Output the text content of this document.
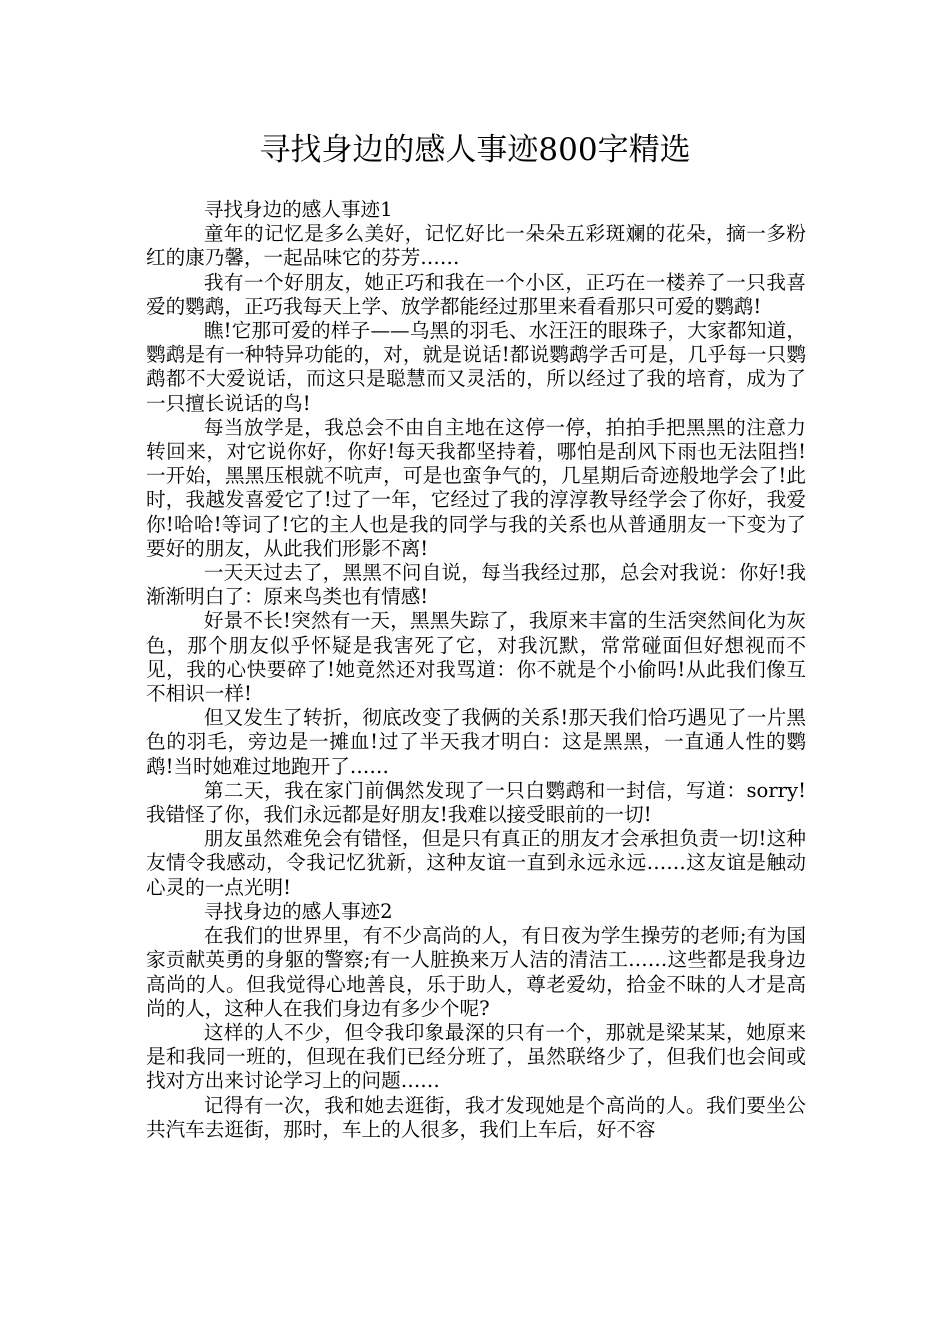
寻找身边的感人事迹800字精选

寻找身边的感人事迹1

童年的记忆是多么美好，记忆好比一朵朵五彩斑斓的花朵，摘一多粉红的康乃馨，一起品味它的芬芳……

我有一个好朋友，她正巧和我在一个小区，正巧在一楼养了一只我喜爱的鹦鹉，正巧我每天上学、放学都能经过那里来看看那只可爱的鹦鹉!

瞧!它那可爱的样子——乌黑的羽毛、水汪汪的眼珠子，大家都知道，鹦鹉是有一种特异功能的，对，就是说话!都说鹦鹉学舌可是，几乎每一只鹦鹉都不大爱说话，而这只是聪慧而又灵活的，所以经过了我的培育，成为了一只擅长说话的鸟!

每当放学是，我总会不由自主地在这停一停，拍拍手把黑黑的注意力转回来，对它说你好，你好!每天我都坚持着，哪怕是刮风下雨也无法阻挡!一开始，黑黑压根就不吭声，可是也蛮争气的，几星期后奇迹般地学会了!此时，我越发喜爱它了!过了一年，它经过了我的淳淳教导经学会了你好，我爱你!哈哈!等词了!它的主人也是我的同学与我的关系也从普通朋友一下变为了要好的朋友，从此我们形影不离!

一天天过去了，黑黑不问自说，每当我经过那，总会对我说：你好!我渐渐明白了：原来鸟类也有情感!

好景不长!突然有一天，黑黑失踪了，我原来丰富的生活突然间化为灰色，那个朋友似乎怀疑是我害死了它，对我沉默，常常碰面但好想视而不见，我的心快要碎了!她竟然还对我骂道：你不就是个小偷吗!从此我们像互不相识一样!

但又发生了转折，彻底改变了我俩的关系!那天我们恰巧遇见了一片黑色的羽毛，旁边是一摊血!过了半天我才明白：这是黑黑，一直通人性的鹦鹉!当时她难过地跑开了……

第二天，我在家门前偶然发现了一只白鹦鹉和一封信，写道：sorry!我错怪了你，我们永远都是好朋友!我难以接受眼前的一切!

朋友虽然难免会有错怪，但是只有真正的朋友才会承担负责一切!这种友情令我感动，令我记忆犹新，这种友谊一直到永远永远……这友谊是触动心灵的一点光明!

寻找身边的感人事迹2

在我们的世界里，有不少高尚的人，有日夜为学生操劳的老师;有为国家贡献英勇的身躯的警察;有一人脏换来万人洁的清洁工……这些都是我身边高尚的人。但我觉得心地善良，乐于助人，尊老爱幼，拾金不昧的人才是高尚的人，这种人在我们身边有多少个呢?

这样的人不少，但令我印象最深的只有一个，那就是梁某某，她原来是和我同一班的，但现在我们已经分班了，虽然联络少了，但我们也会间或找对方出来讨论学习上的问题……

记得有一次，我和她去逛街，我才发现她是个高尚的人。我们要坐公共汽车去逛街，那时，车上的人很多，我们上车后，好不容
